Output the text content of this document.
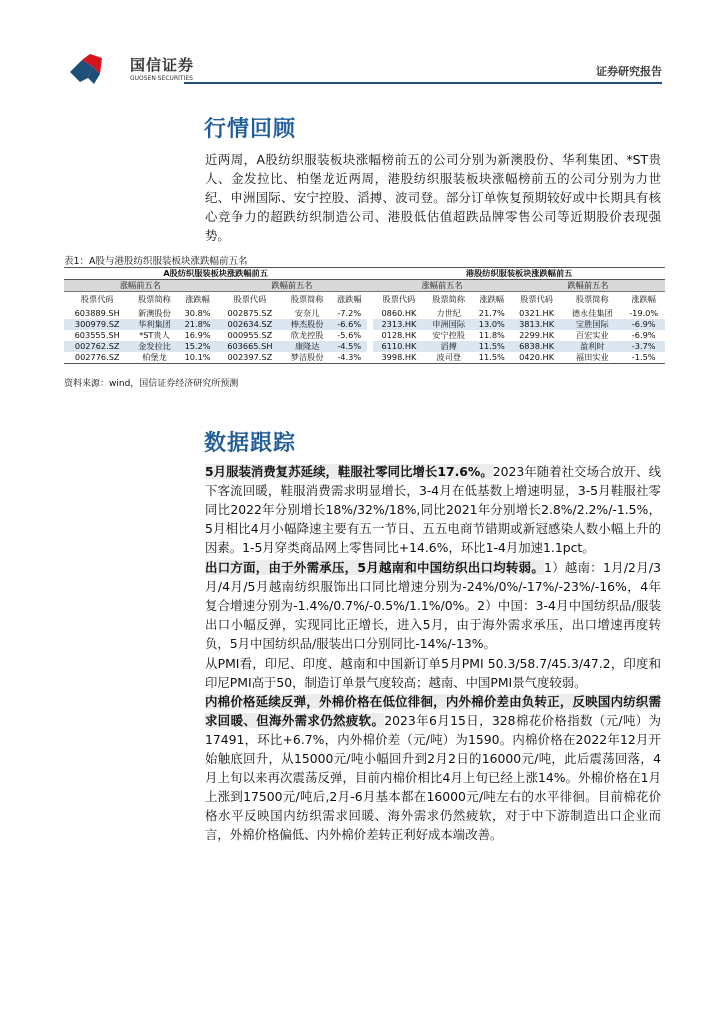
国信证券
GUOSEN SECURITIES
证券研究报告
行情回顾
近两周，A股纺织服装板块涨幅榜前五的公司分别为新澳股份、华利集团、*ST贵人、金发拉比、柏堡龙近两周，港股纺织服装板块涨幅榜前五的公司分别为力世纪、申洲国际、安宁控股、滔搏、波司登。部分订单恢复预期较好或中长期具有核心竞争力的超跌纺织制造公司、港股低估值超跌品牌零售公司等近期股价表现强势。
表1：A股与港股纺织服装板块涨跌幅前五名
A股纺织服装板块涨跌幅前五							港股纺织服装板块涨跌幅前五					
涨幅前五名			跌幅前五名				涨幅前五名			跌幅前五名		
股票代码	股票简称	涨跌幅	股票代码	股票简称	涨跌幅		股票代码	股票简称	涨跌幅	股票代码	股票简称	涨跌幅
603889.SH	新澳股份	30.8%	002875.SZ	安奈儿	-7.2%		0860.HK	力世纪	21.7%	0321.HK	德永佳集团	-19.0%
300979.SZ	华利集团	21.8%	002634.SZ	棒杰股份	-6.6%		2313.HK	申洲国际	13.0%	3813.HK	宝胜国际	-6.9%
603555.SH	*ST贵人	16.9%	000955.SZ	欣龙控股	-5.6%		0128.HK	安宁控股	11.8%	2299.HK	百宏实业	-6.9%
002762.SZ	金发拉比	15.2%	603665.SH	康隆达	-4.5%		6110.HK	滔搏	11.5%	6838.HK	盈利时	-3.7%
002776.SZ	柏堡龙	10.1%	002397.SZ	梦洁股份	-4.3%		3998.HK	波司登	11.5%	0420.HK	福田实业	-1.5%
资料来源：wind，国信证券经济研究所预测
数据跟踪
5月服装消费复苏延续，鞋服社零同比增长17.6%。2023年随着社交场合放开、线下客流回暖，鞋服消费需求明显增长，3-4月在低基数上增速明显，3-5月鞋服社零同比2022年分别增长18%/32%/18%,同比2021年分别增长2.8%/2.2%/-1.5%，5月相比4月小幅降速主要有五一节日、五五电商节错期或新冠感染人数小幅上升的因素。1-5月穿类商品网上零售同比+14.6%，环比1-4月加速1.1pct。
出口方面，由于外需承压，5月越南和中国纺织出口均转弱。1）越南：1月/2月/3月/4月/5月越南纺织服饰出口同比增速分别为-24%/0%/-17%/-23%/-16%，4年复合增速分别为-1.4%/0.7%/-0.5%/1.1%/0%。2）中国：3-4月中国纺织品/服装出口小幅反弹，实现同比正增长，进入5月，由于海外需求承压，出口增速再度转负，5月中国纺织品/服装出口分别同比-14%/-13%。
从PMI看，印尼、印度、越南和中国新订单5月PMI 50.3/58.7/45.3/47.2，印度和印尼PMI高于50，制造订单景气度较高；越南、中国PMI景气度较弱。
内棉价格延续反弹，外棉价格在低位徘徊，内外棉价差由负转正，反映国内纺织需求回暖、但海外需求仍然疲软。2023年6月15日，328棉花价格指数（元/吨）为17491，环比+6.7%，内外棉价差（元/吨）为1590。内棉价格在2022年12月开始触底回升，从15000元/吨小幅回升到2月2日的16000元/吨，此后震荡回落，4月上旬以来再次震荡反弹，目前内棉价相比4月上旬已经上涨14%。外棉价格在1月上涨到17500元/吨后,2月-6月基本都在16000元/吨左右的水平徘徊。目前棉花价格水平反映国内纺织需求回暖、海外需求仍然疲软，对于中下游制造出口企业而言，外棉价格偏低、内外棉价差转正利好成本端改善。
